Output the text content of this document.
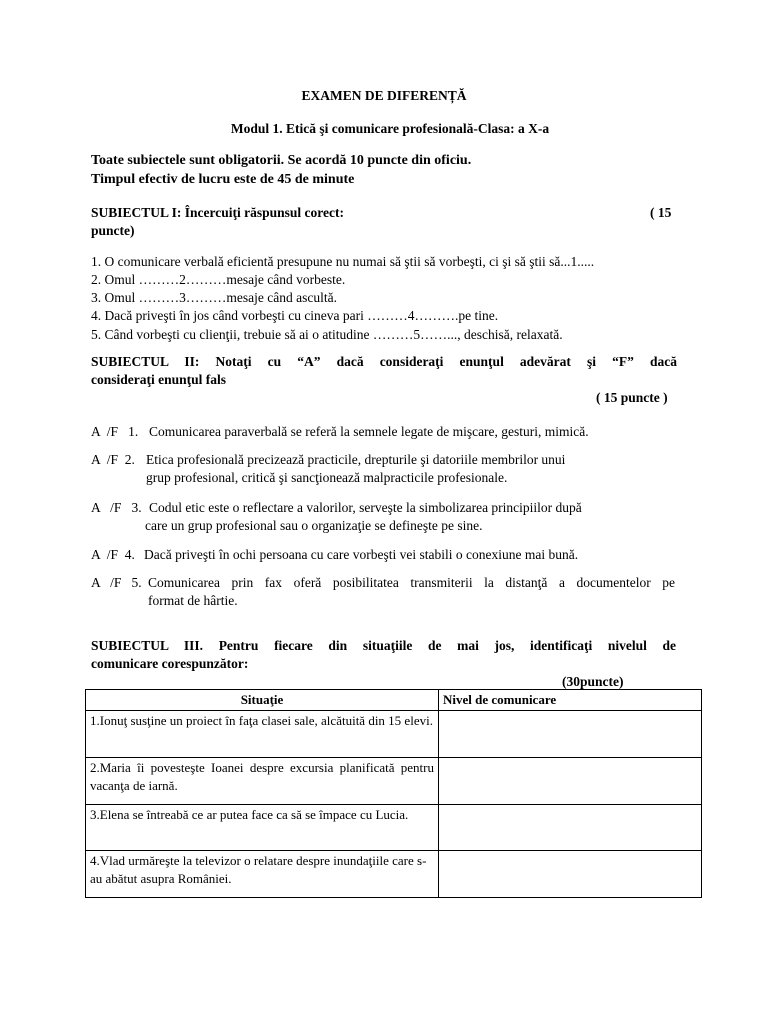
EXAMEN DE DIFERENȚĂ
Modul 1. Etică şi comunicare profesională-Clasa: a X-a
Toate subiectele sunt obligatorii. Se acordă 10 puncte din oficiu.
Timpul efectiv de lucru este de 45 de minute
SUBIECTUL I: Încercuiţi răspunsul corect:	( 15
puncte)
1. O comunicare verbală eficientă presupune nu numai să ştii să vorbeşti, ci şi să ştii să...1.....
2. Omul ………2………mesaje când vorbeste.
3. Omul ………3………mesaje când ascultă.
4. Dacă priveşti în jos când vorbeşti cu cineva pari ………4……….pe tine.
5. Când vorbeşti cu clienţii, trebuie să ai o atitudine ………5……..., deschisă, relaxată.
SUBIECTUL II: Notaţi cu “A” dacă consideraţi enunţul adevărat şi “F” dacă
consideraţi enunţul fals
( 15 puncte )
A  /F   1. Comunicarea paraverbală se referă la semnele legate de mişcare, gesturi, mimică.
A  /F  2. Etica profesională precizează practicile, drepturile şi datoriile membrilor unui
grup profesional, critică şi sancţionează malpracticile profesionale.
A   /F   3. Codul etic este o reflectare a valorilor, serveşte la simbolizarea principiilor după
care un grup profesional sau o organizaţie se defineşte pe sine.
A  /F  4. Dacă priveşti în ochi persoana cu care vorbeşti vei stabili o conexiune mai bună.
A   /F   5. Comunicarea prin fax oferă posibilitatea transmiterii la distanţă a documentelor pe
format de hârtie.
SUBIECTUL III. Pentru fiecare din situaţiile de mai jos, identificaţi nivelul de
comunicare corespunzător:
(30puncte)
Situaţie	Nivel de comunicare
1.Ionuţ susţine un proiect în faţa clasei sale, alcătuită din 15 elevi.	
2.Maria îi povesteşte Ioanei despre excursia planificată pentru vacanţa de iarnă.	
3.Elena se întreabă ce ar putea face ca să se împace cu Lucia.	
4.Vlad urmăreşte la televizor o relatare despre inundaţiile care s-au abătut asupra României.	
